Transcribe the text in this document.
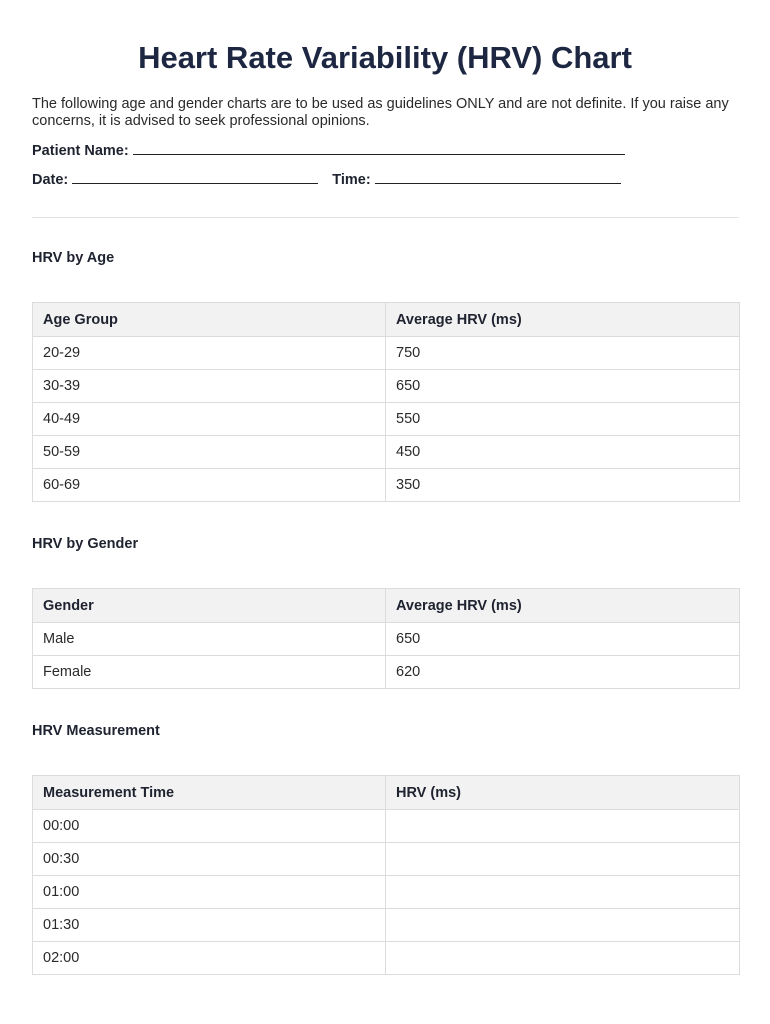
Heart Rate Variability (HRV) Chart
The following age and gender charts are to be used as guidelines ONLY and are not definite. If you raise any concerns, it is advised to seek professional opinions.
Patient Name:
Date:	Time:
HRV by Age
Age Group	Average HRV (ms)
20-29	750
30-39	650
40-49	550
50-59	450
60-69	350
HRV by Gender
Gender	Average HRV (ms)
Male	650
Female	620
HRV Measurement
Measurement Time	HRV (ms)
00:00	
00:30	
01:00	
01:30	
02:00	
